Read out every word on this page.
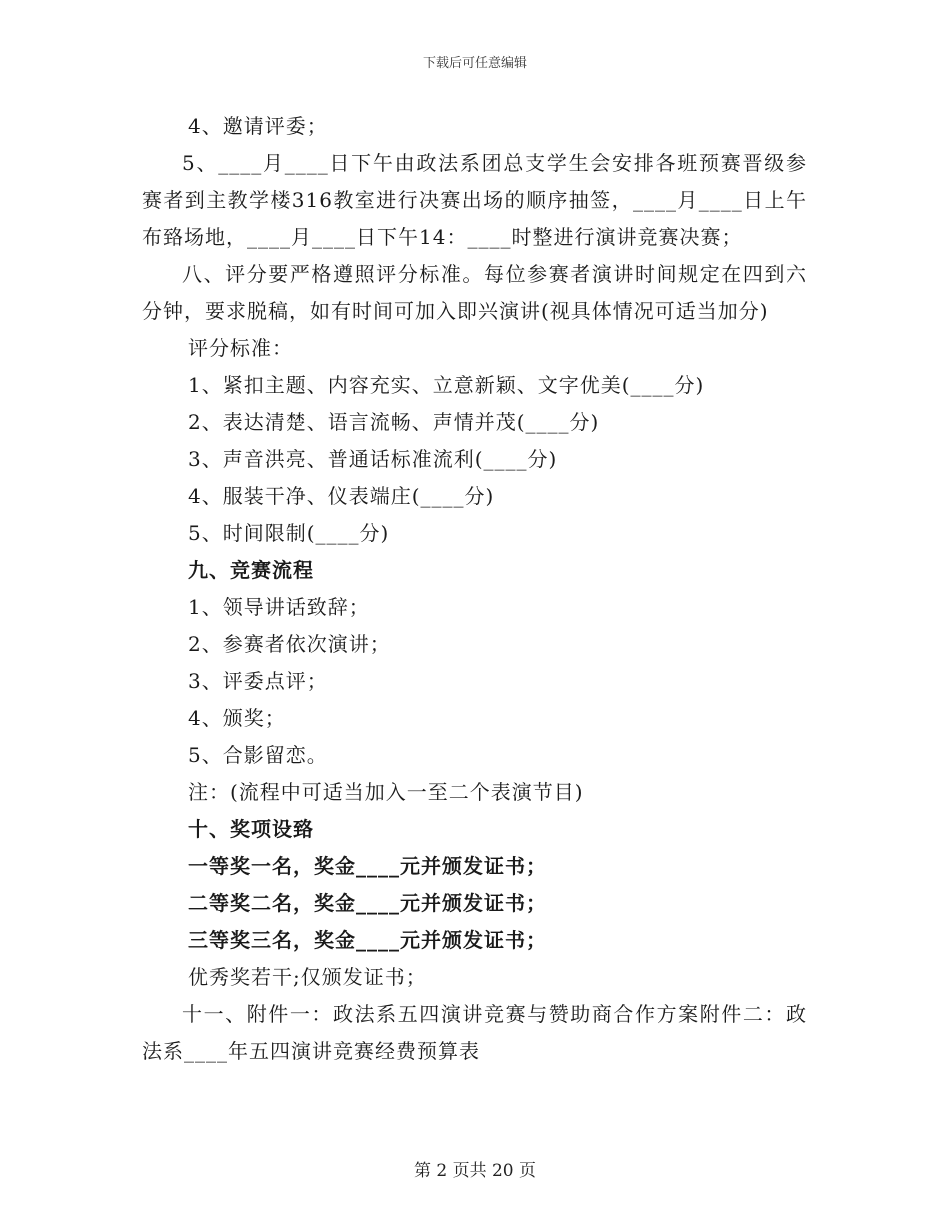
下载后可任意编辑

4、邀请评委；

5、____月____日下午由政法系团总支学生会安排各班预赛晋级参赛者到主教学楼316教室进行决赛出场的顺序抽签，____月____日上午布臵场地，____月____日下午14：____时整进行演讲竞赛决赛；

八、评分要严格遵照评分标准。每位参赛者演讲时间规定在四到六分钟，要求脱稿，如有时间可加入即兴演讲(视具体情况可适当加分)

评分标准：

1、紧扣主题、内容充实、立意新颖、文字优美(____分)

2、表达清楚、语言流畅、声情并茂(____分)

3、声音洪亮、普通话标准流利(____分)

4、服装干净、仪表端庄(____分)

5、时间限制(____分)

九、竞赛流程

1、领导讲话致辞；

2、参赛者依次演讲；

3、评委点评；

4、颁奖；

5、合影留恋。

注：(流程中可适当加入一至二个表演节目)

十、奖项设臵

一等奖一名，奖金____元并颁发证书；

二等奖二名，奖金____元并颁发证书；

三等奖三名，奖金____元并颁发证书；

优秀奖若干;仅颁发证书；

十一、附件一：政法系五四演讲竞赛与赞助商合作方案附件二：政法系____年五四演讲竞赛经费预算表

第 2 页共 20 页
